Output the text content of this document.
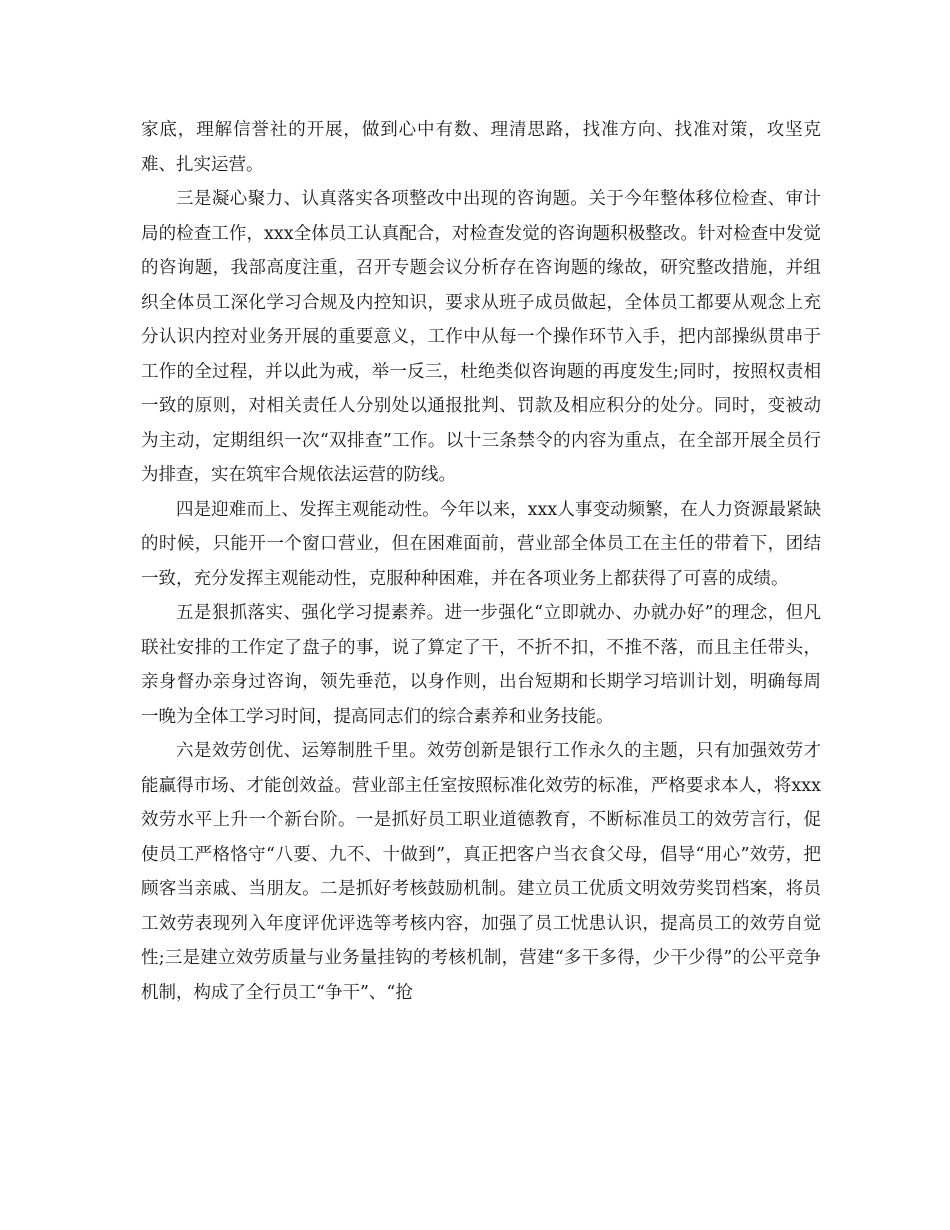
家底，理解信誉社的开展，做到心中有数、理清思路，找准方向、找准对策，攻坚克难、扎实运营。

三是凝心聚力、认真落实各项整改中出现的咨询题。关于今年整体移位检查、审计局的检查工作，xxx全体员工认真配合，对检查发觉的咨询题积极整改。针对检查中发觉的咨询题，我部高度注重，召开专题会议分析存在咨询题的缘故，研究整改措施，并组织全体员工深化学习合规及内控知识，要求从班子成员做起，全体员工都要从观念上充分认识内控对业务开展的重要意义，工作中从每一个操作环节入手，把内部操纵贯串于工作的全过程，并以此为戒，举一反三，杜绝类似咨询题的再度发生;同时，按照权责相一致的原则，对相关责任人分别处以通报批判、罚款及相应积分的处分。同时，变被动为主动，定期组织一次“双排查”工作。以十三条禁令的内容为重点，在全部开展全员行为排查，实在筑牢合规依法运营的防线。

四是迎难而上、发挥主观能动性。今年以来，xxx人事变动频繁，在人力资源最紧缺的时候，只能开一个窗口营业，但在困难面前，营业部全体员工在主任的带着下，团结一致，充分发挥主观能动性，克服种种困难，并在各项业务上都获得了可喜的成绩。

五是狠抓落实、强化学习提素养。进一步强化“立即就办、办就办好”的理念，但凡联社安排的工作定了盘子的事，说了算定了干，不折不扣，不推不落，而且主任带头，亲身督办亲身过咨询，领先垂范，以身作则，出台短期和长期学习培训计划，明确每周一晚为全体工学习时间，提高同志们的综合素养和业务技能。

六是效劳创优、运筹制胜千里。效劳创新是银行工作永久的主题，只有加强效劳才能赢得市场、才能创效益。营业部主任室按照标准化效劳的标准，严格要求本人，将xxx效劳水平上升一个新台阶。一是抓好员工职业道德教育，不断标准员工的效劳言行，促使员工严格恪守“八要、九不、十做到”，真正把客户当衣食父母，倡导“用心”效劳，把顾客当亲戚、当朋友。二是抓好考核鼓励机制。建立员工优质文明效劳奖罚档案，将员工效劳表现列入年度评优评选等考核内容，加强了员工忧患认识，提高员工的效劳自觉性;三是建立效劳质量与业务量挂钩的考核机制，营建“多干多得，少干少得”的公平竞争机制，构成了全行员工“争干”、“抢
